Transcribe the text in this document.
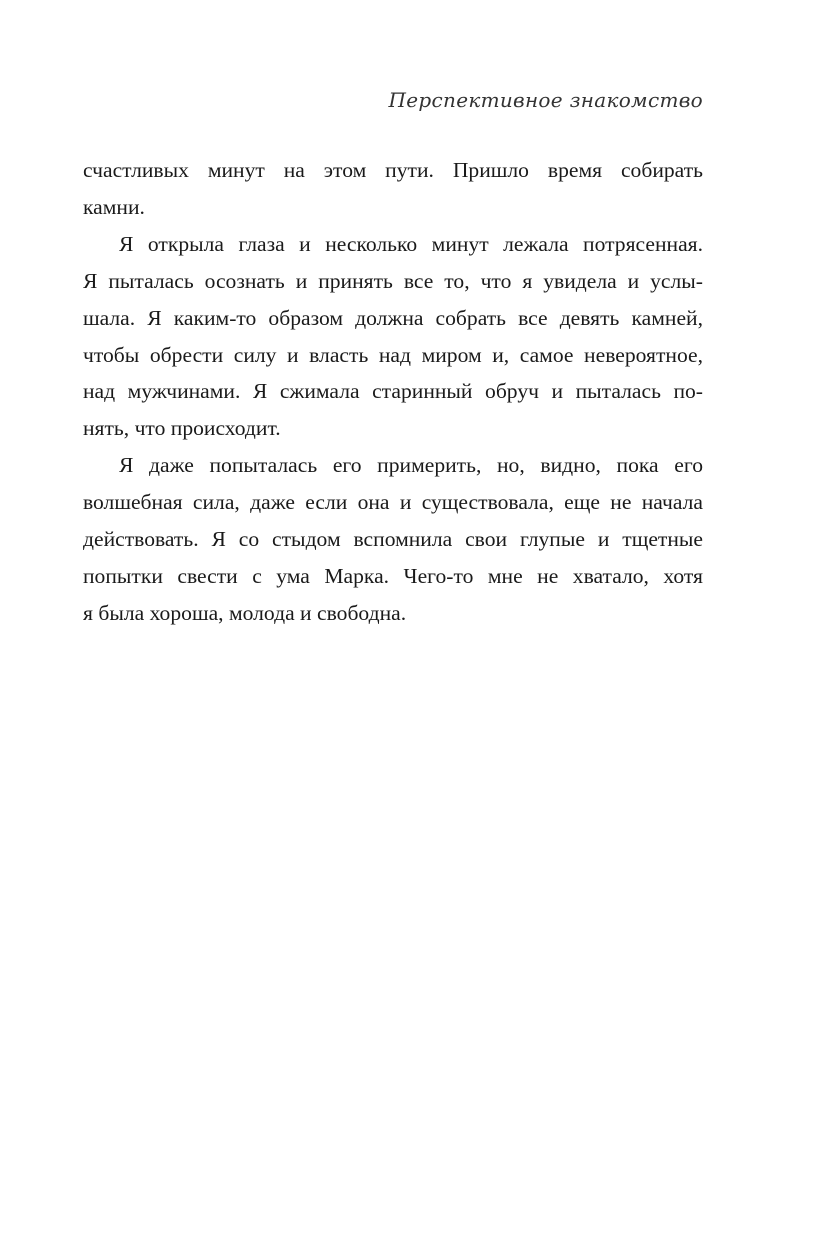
Перспективное знакомство

счастливых минут на этом пути. Пришло время собирать

камни.

Я открыла глаза и несколько минут лежала потрясенная.

Я пыталась осознать и принять все то, что я увидела и услы-

шала. Я каким-то образом должна собрать все девять камней,

чтобы обрести силу и власть над миром и, самое невероятное,

над мужчинами. Я сжимала старинный обруч и пыталась по-

нять, что происходит.

Я даже попыталась его примерить, но, видно, пока его

волшебная сила, даже если она и существовала, еще не начала

действовать. Я со стыдом вспомнила свои глупые и тщетные

попытки свести с ума Марка. Чего-то мне не хватало, хотя

я была хороша, молода и свободна.
